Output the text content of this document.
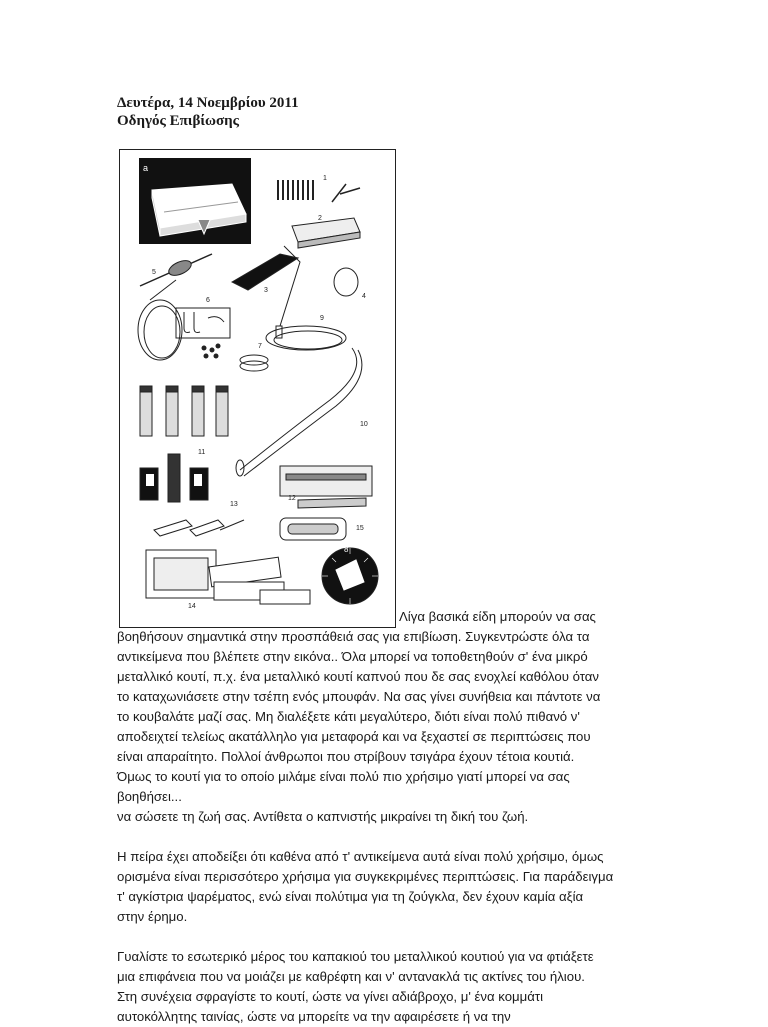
Δευτέρα, 14 Νοεμβρίου 2011
Οδηγός Επιβίωσης
a
1
2
5
3
4
6
7
9
10
11
12
13
15
14
8
Λίγα βασικά είδη μπορούν να σας

βοηθήσουν σημαντικά στην προσπάθειά σας για επιβίωση. Συγκεντρώστε όλα τα
αντικείμενα που βλέπετε στην εικόνα.. Όλα μπορεί να τοποθετηθούν σ' ένα μικρό
μεταλλικό κουτί, π.χ. ένα μεταλλικό κουτί καπνού που δε σας ενοχλεί καθόλου όταν
το καταχωνιάσετε στην τσέπη ενός μπουφάν. Να σας γίνει συνήθεια και πάντοτε να
το κουβαλάτε μαζί σας. Μη διαλέξετε κάτι μεγαλύτερο, διότι είναι πολύ πιθανό ν'
αποδειχτεί τελείως ακατάλληλο για μεταφορά και να ξεχαστεί σε περιπτώσεις που
είναι απαραίτητο. Πολλοί άνθρωποι που στρίβουν τσιγάρα έχουν τέτοια κουτιά.
Όμως το κουτί για το οποίο μιλάμε είναι πολύ πιο χρήσιμο γιατί μπορεί να σας
βοηθήσει...
να σώσετε τη ζωή σας. Αντίθετα ο καπνιστής μικραίνει τη δική του ζωή.

Η πείρα έχει αποδείξει ότι καθένα από τ' αντικείμενα αυτά είναι πολύ χρήσιμο, όμως
ορισμένα είναι περισσότερο χρήσιμα για συγκεκριμένες περιπτώσεις. Για παράδειγμα
τ' αγκίστρια ψαρέματος, ενώ είναι πολύτιμα για τη ζούγκλα, δεν έχουν καμία αξία
στην έρημο.

Γυαλίστε το εσωτερικό μέρος του καπακιού του μεταλλικού κουτιού για να φτιάξετε
μια επιφάνεια που να μοιάζει με καθρέφτη και ν' αντανακλά τις ακτίνες του ήλιου.
Στη συνέχεια σφραγίστε το κουτί, ώστε να γίνει αδιάβροχο, μ' ένα κομμάτι
αυτοκόλλητης ταινίας, ώστε να μπορείτε να την αφαιρέσετε ή να την
